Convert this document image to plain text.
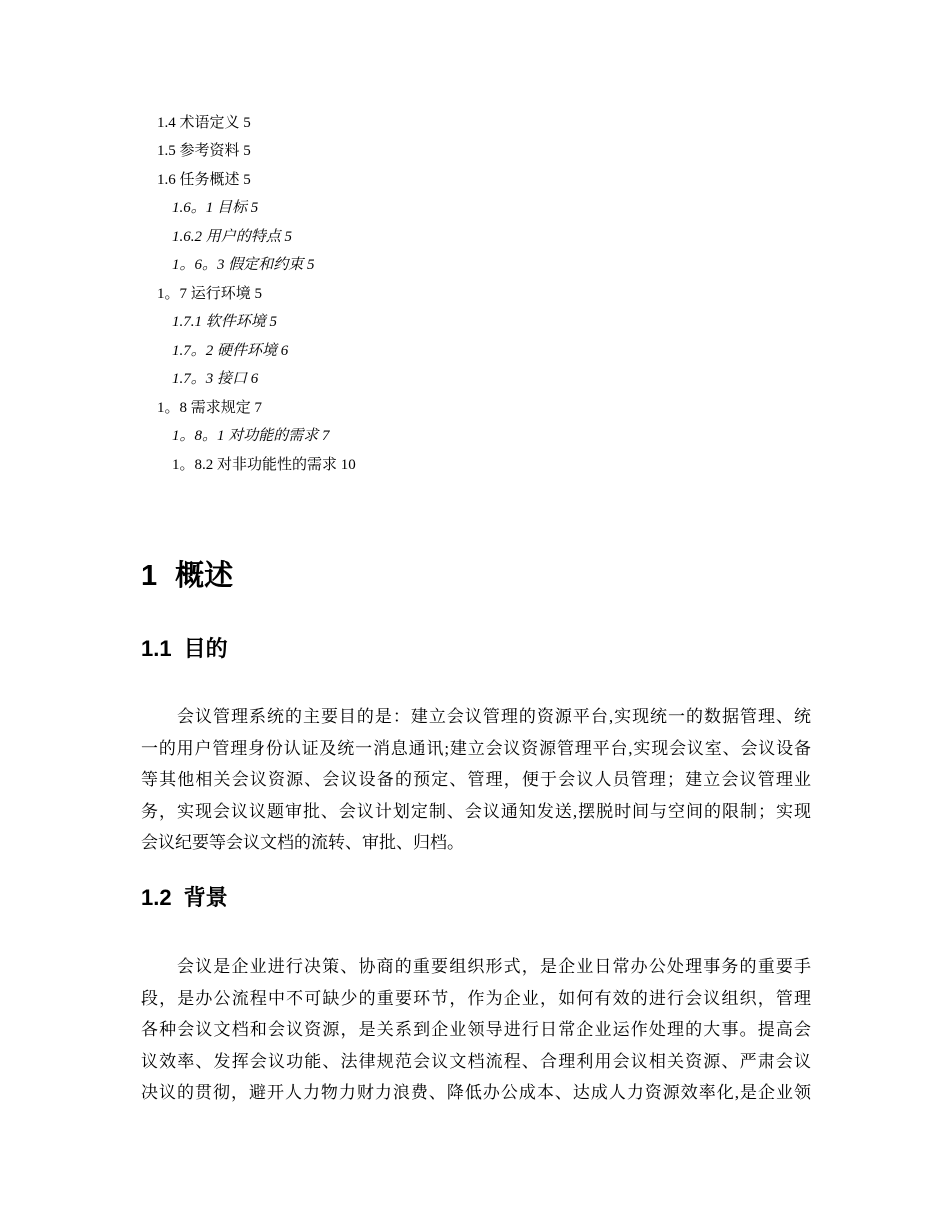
1.4 术语定义 5
1.5 参考资料 5
1.6 任务概述 5
1.6。1 目标 5
1.6.2 用户的特点 5
1。6。3 假定和约束 5
1。7 运行环境 5
1.7.1 软件环境 5
1.7。2 硬件环境 6
1.7。3 接口 6
1。8 需求规定 7
1。8。1 对功能的需求 7
1。8.2 对非功能性的需求 10
1 概述
1.1 目的
会议管理系统的主要目的是：建立会议管理的资源平台,实现统一的数据管理、统
一的用户管理身份认证及统一消息通讯;建立会议资源管理平台,实现会议室、会议设备
等其他相关会议资源、会议设备的预定、管理，便于会议人员管理；建立会议管理业
务，实现会议议题审批、会议计划定制、会议通知发送,摆脱时间与空间的限制；实现
会议纪要等会议文档的流转、审批、归档。
1.2 背景
会议是企业进行决策、协商的重要组织形式，是企业日常办公处理事务的重要手
段，是办公流程中不可缺少的重要环节，作为企业，如何有效的进行会议组织，管理
各种会议文档和会议资源，是关系到企业领导进行日常企业运作处理的大事。提高会
议效率、发挥会议功能、法律规范会议文档流程、合理利用会议相关资源、严肃会议
决议的贯彻，避开人力物力财力浪费、降低办公成本、达成人力资源效率化,是企业领
